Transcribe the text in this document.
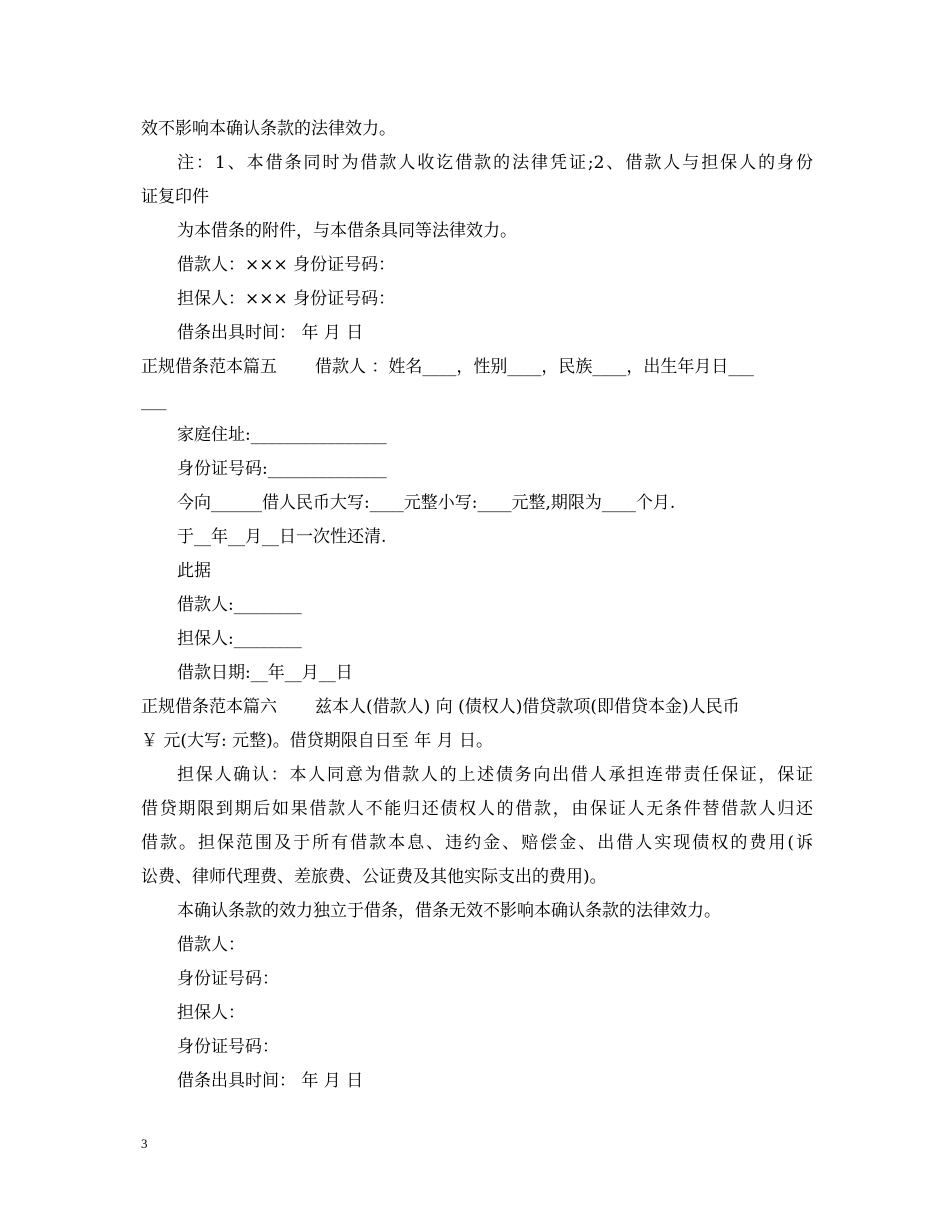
效不影响本确认条款的法律效力。
注：1、本借条同时为借款人收讫借款的法律凭证;2、借款人与担保人的身份
证复印件
为本借条的附件，与本借条具同等法律效力。
借款人：××× 身份证号码：
担保人：××× 身份证号码：
借条出具时间： 年 月 日
正规借条范本篇五 借款人 ：姓名____，性别____，民族____，出生年月日___
___
家庭住址:________________
身份证号码:______________
今向______借人民币大写:____元整小写:____元整,期限为____个月.
于__年__月__日一次性还清.
此据
借款人:________
担保人:________
借款日期:__年__月__日
正规借条范本篇六 兹本人(借款人) 向 (债权人)借贷款项(即借贷本金)人民币
￥ 元(大写: 元整)。借贷期限自日至 年 月 日。
担保人确认：本人同意为借款人的上述债务向出借人承担连带责任保证，保证
借贷期限到期后如果借款人不能归还债权人的借款，由保证人无条件替借款人归还
借款。担保范围及于所有借款本息、违约金、赔偿金、出借人实现债权的费用(诉
讼费、律师代理费、差旅费、公证费及其他实际支出的费用)。
本确认条款的效力独立于借条，借条无效不影响本确认条款的法律效力。
借款人：
身份证号码：
担保人：
身份证号码：
借条出具时间： 年 月 日
3
